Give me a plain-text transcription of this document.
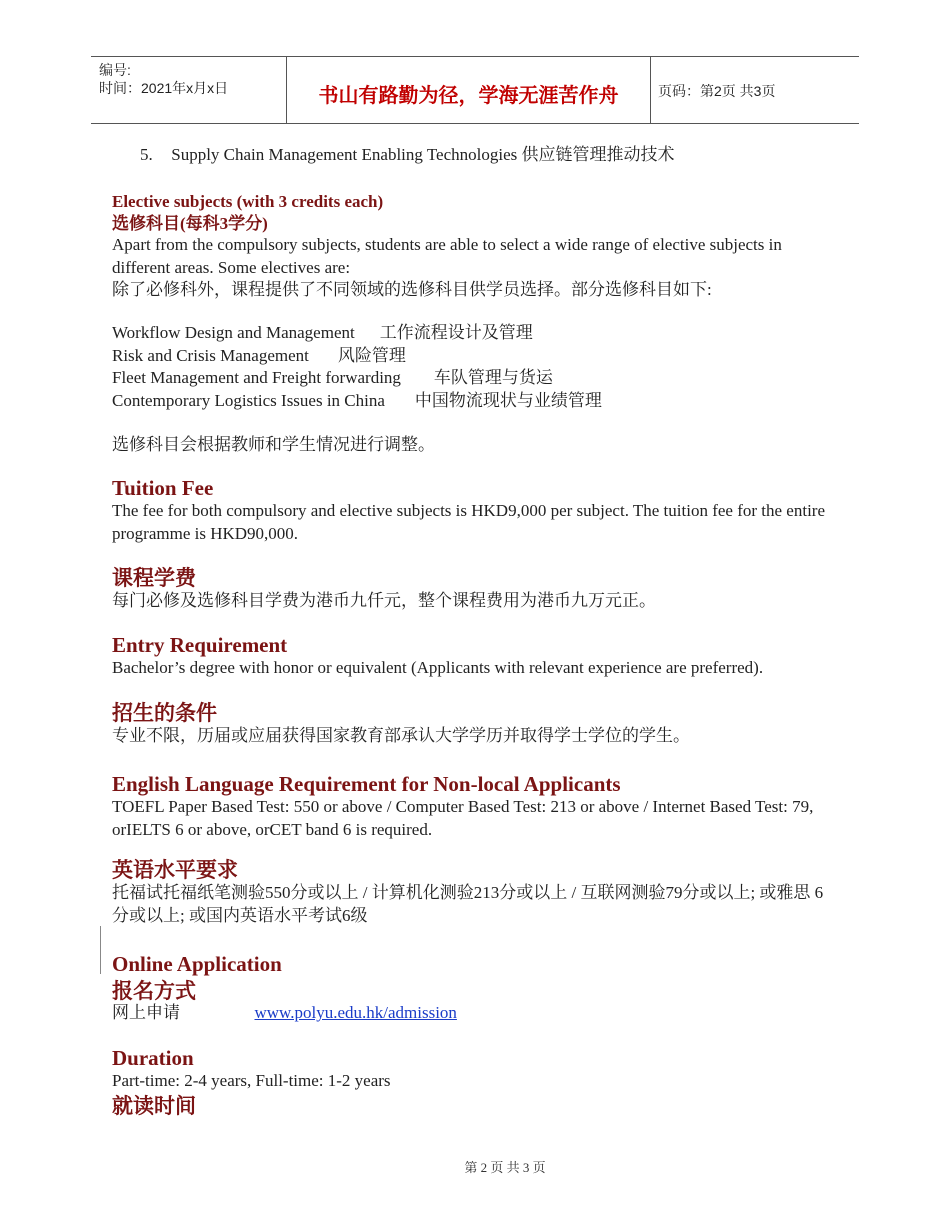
编号:
时间：2021年x月x日	书山有路勤为径，学海无涯苦作舟	页码：第2页 共3页
5. Supply Chain Management Enabling Technologies 供应链管理推动技术
Elective subjects (with 3 credits each)
选修科目(每科3学分)
Apart from the compulsory subjects, students are able to select a wide range of elective subjects in different areas. Some electives are:
除了必修科外，课程提供了不同领域的选修科目供学员选择。部分选修科目如下:
Workflow Design and Management 工作流程设计及管理
Risk and Crisis Management 风险管理
Fleet Management and Freight forwarding 车队管理与货运
Contemporary Logistics Issues in China 中国物流现状与业绩管理
选修科目会根据教师和学生情况进行调整。
Tuition Fee
The fee for both compulsory and elective subjects is HKD9,000 per subject. The tuition fee for the entire programme is HKD90,000.
课程学费
每门必修及选修科目学费为港币九仟元，整个课程费用为港币九万元正。
Entry Requirement
Bachelor’s degree with honor or equivalent (Applicants with relevant experience are preferred).
招生的条件
专业不限，历届或应届获得国家教育部承认大学学历并取得学士学位的学生。
English Language Requirement for Non-local Applicants
TOEFL Paper Based Test: 550 or above / Computer Based Test: 213 or above / Internet Based Test: 79, orIELTS 6 or above, orCET band 6 is required.
英语水平要求
托福试托福纸笔测验550分或以上 / 计算机化测验213分或以上 / 互联网测验79分或以上; 或雅思 6分或以上; 或国内英语水平考试6级
Online Application
报名方式
网上申请	www.polyu.edu.hk/admission
Duration
Part-time: 2-4 years, Full-time: 1-2 years
就读时间
第 2 页 共 3 页
